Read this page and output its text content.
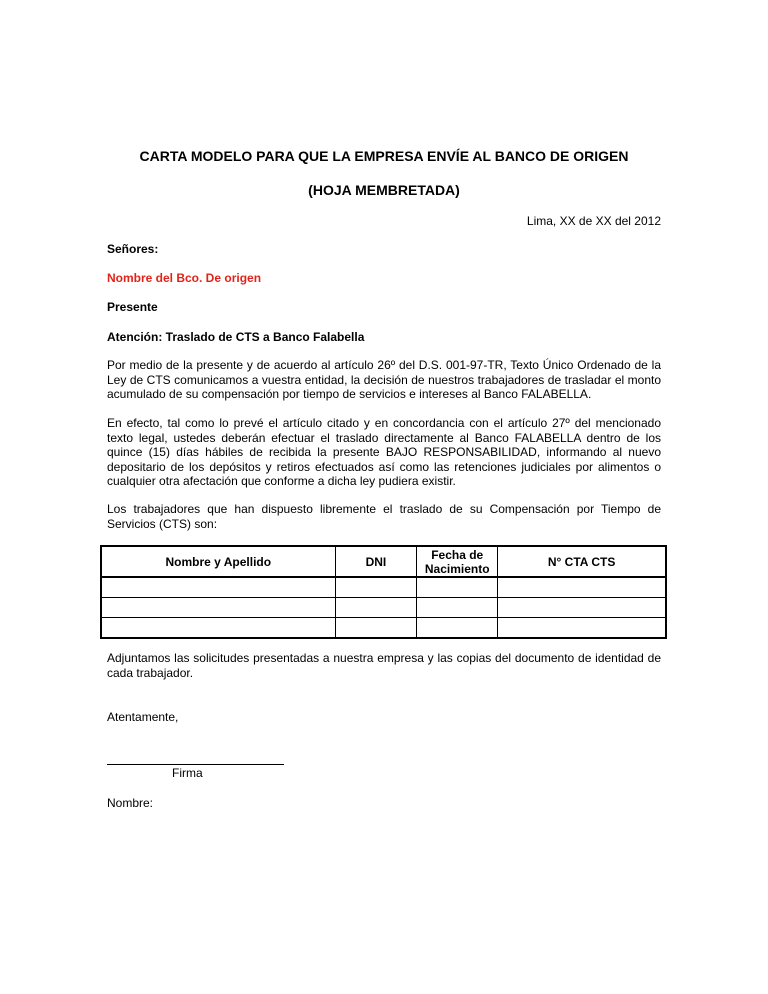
CARTA MODELO PARA QUE LA EMPRESA ENVÍE AL BANCO DE ORIGEN
(HOJA MEMBRETADA)
Lima, XX de XX del 2012
Señores:
Nombre del Bco. De origen
Presente
Atención: Traslado de CTS a Banco Falabella
Por medio de la presente y de acuerdo al artículo 26º del D.S. 001-97-TR, Texto Único Ordenado de la Ley de CTS comunicamos a vuestra entidad, la decisión de nuestros trabajadores de trasladar el monto acumulado de su compensación por tiempo de servicios e intereses al Banco FALABELLA.
En efecto, tal como lo prevé el artículo citado y en concordancia con el artículo 27º del mencionado texto legal, ustedes deberán efectuar el traslado directamente al Banco FALABELLA dentro de los quince (15) días hábiles de recibida la presente BAJO RESPONSABILIDAD, informando al nuevo depositario de los depósitos y retiros efectuados así como las retenciones judiciales por alimentos o cualquier otra afectación que conforme a dicha ley pudiera existir.
Los trabajadores que han dispuesto libremente el traslado de su Compensación por Tiempo de Servicios (CTS) son:
Nombre y Apellido	DNI	Fecha de Nacimiento	N° CTA CTS

Adjuntamos las solicitudes presentadas a nuestra empresa y las copias del documento de identidad de cada trabajador.
Atentamente,
Firma
Nombre:
